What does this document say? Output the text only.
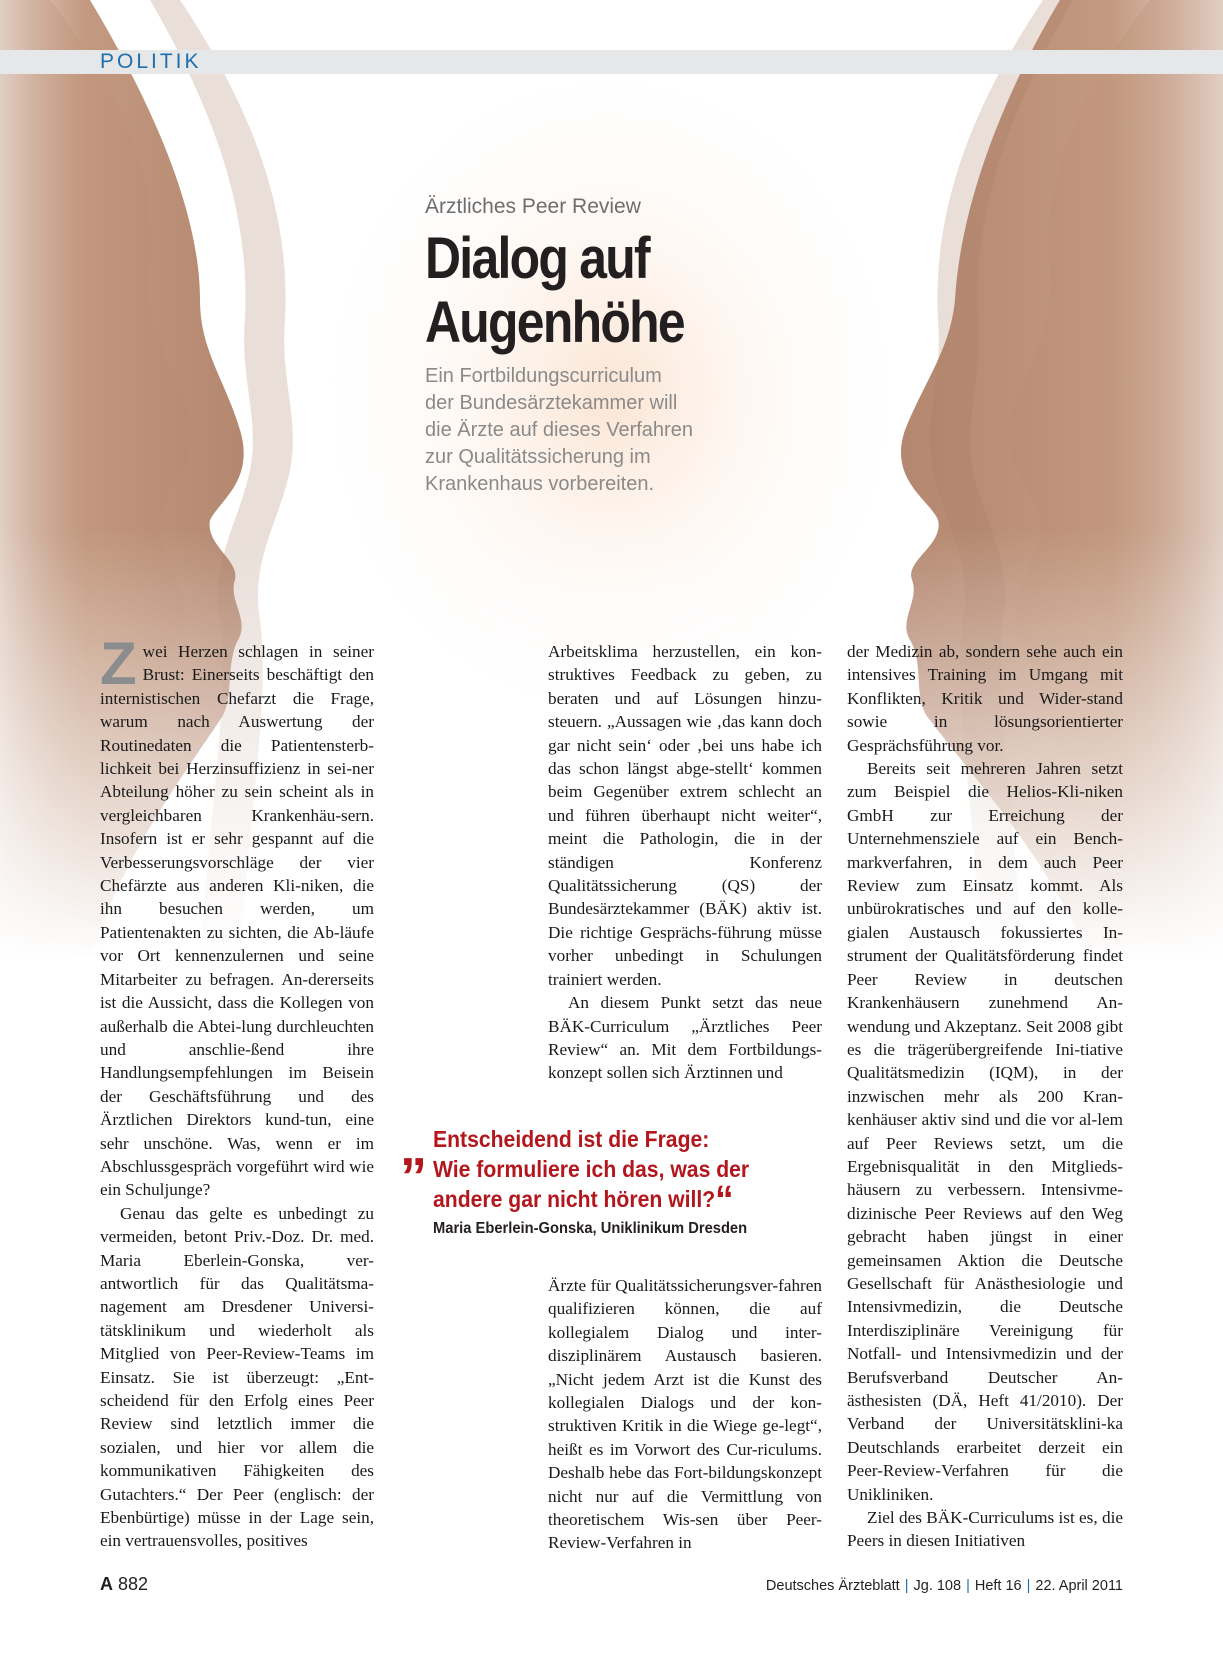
POLITIK
Ärztliches Peer Review
Dialog auf
Augenhöhe
Ein Fortbildungscurriculum
der Bundesärztekammer will
die Ärzte auf dieses Verfahren
zur Qualitätssicherung im
Krankenhaus vorbereiten.

Zwei Herzen schlagen in seiner Brust: Einerseits beschäftigt den internistischen Chefarzt die Frage, warum nach Auswertung der Routinedaten die Patientensterb-lichkeit bei Herzinsuffizienz in sei-ner Abteilung höher zu sein scheint als in vergleichbaren Krankenhäu-sern. Insofern ist er sehr gespannt auf die Verbesserungsvorschläge der vier Chefärzte aus anderen Kli-niken, die ihn besuchen werden, um Patientenakten zu sichten, die Ab-läufe vor Ort kennenzulernen und seine Mitarbeiter zu befragen. An-dererseits ist die Aussicht, dass die Kollegen von außerhalb die Abtei-lung durchleuchten und anschlie-ßend ihre Handlungsempfehlungen im Beisein der Geschäftsführung und des Ärztlichen Direktors kund-tun, eine sehr unschöne. Was, wenn er im Abschlussgespräch vorgeführt wird wie ein Schuljunge?

Genau das gelte es unbedingt zu vermeiden, betont Priv.-Doz. Dr. med. Maria Eberlein-Gonska, ver-antwortlich für das Qualitätsma-nagement am Dresdener Universi-tätsklinikum und wiederholt als Mitglied von Peer-Review-Teams im Einsatz. Sie ist überzeugt: „Ent-scheidend für den Erfolg eines Peer Review sind letztlich immer die sozialen, und hier vor allem die kommunikativen Fähigkeiten des Gutachters.“ Der Peer (englisch: der Ebenbürtige) müsse in der Lage sein, ein vertrauensvolles, positives

Arbeitsklima herzustellen, ein kon-struktives Feedback zu geben, zu beraten und auf Lösungen hinzu-steuern. „Aussagen wie ‚das kann doch gar nicht sein‘ oder ‚bei uns habe ich das schon längst abge-stellt‘ kommen beim Gegenüber extrem schlecht an und führen überhaupt nicht weiter“, meint die Pathologin, die in der ständigen Konferenz Qualitätssicherung (QS) der Bundesärztekammer (BÄK) aktiv ist. Die richtige Gesprächs-führung müsse vorher unbedingt in Schulungen trainiert werden.

An diesem Punkt setzt das neue BÄK-Curriculum „Ärztliches Peer Review“ an. Mit dem Fortbildungs-konzept sollen sich Ärztinnen und

„ Entscheidend ist die Frage:
Wie formuliere ich das, was der
andere gar nicht hören will?“
Maria Eberlein-Gonska, Uniklinikum Dresden

Ärzte für Qualitätssicherungsver-fahren qualifizieren können, die auf kollegialem Dialog und inter-disziplinärem Austausch basieren. „Nicht jedem Arzt ist die Kunst des kollegialen Dialogs und der kon-struktiven Kritik in die Wiege ge-legt“, heißt es im Vorwort des Cur-riculums. Deshalb hebe das Fort-bildungskonzept nicht nur auf die Vermittlung von theoretischem Wis-sen über Peer-Review-Verfahren in

der Medizin ab, sondern sehe auch ein intensives Training im Umgang mit Konflikten, Kritik und Wider-stand sowie in lösungsorientierter Gesprächsführung vor.

Bereits seit mehreren Jahren setzt zum Beispiel die Helios-Kli-niken GmbH zur Erreichung der Unternehmensziele auf ein Bench-markverfahren, in dem auch Peer Review zum Einsatz kommt. Als unbürokratisches und auf den kolle-gialen Austausch fokussiertes In-strument der Qualitätsförderung findet Peer Review in deutschen Krankenhäusern zunehmend An-wendung und Akzeptanz. Seit 2008 gibt es die trägerübergreifende Ini-tiative Qualitätsmedizin (IQM), in der inzwischen mehr als 200 Kran-kenhäuser aktiv sind und die vor al-lem auf Peer Reviews setzt, um die Ergebnisqualität in den Mitglieds-häusern zu verbessern. Intensivme-dizinische Peer Reviews auf den Weg gebracht haben jüngst in einer gemeinsamen Aktion die Deutsche Gesellschaft für Anästhesiologie und Intensivmedizin, die Deutsche Interdisziplinäre Vereinigung für Notfall- und Intensivmedizin und der Berufsverband Deutscher An-ästhesisten (DÄ, Heft 41/2010). Der Verband der Universitätsklini-ka Deutschlands erarbeitet derzeit ein Peer-Review-Verfahren für die Unikliniken.

Ziel des BÄK-Curriculums ist es, die Peers in diesen Initiativen

A 882	Deutsches Ärzteblatt | Jg. 108 | Heft 16 | 22. April 2011
